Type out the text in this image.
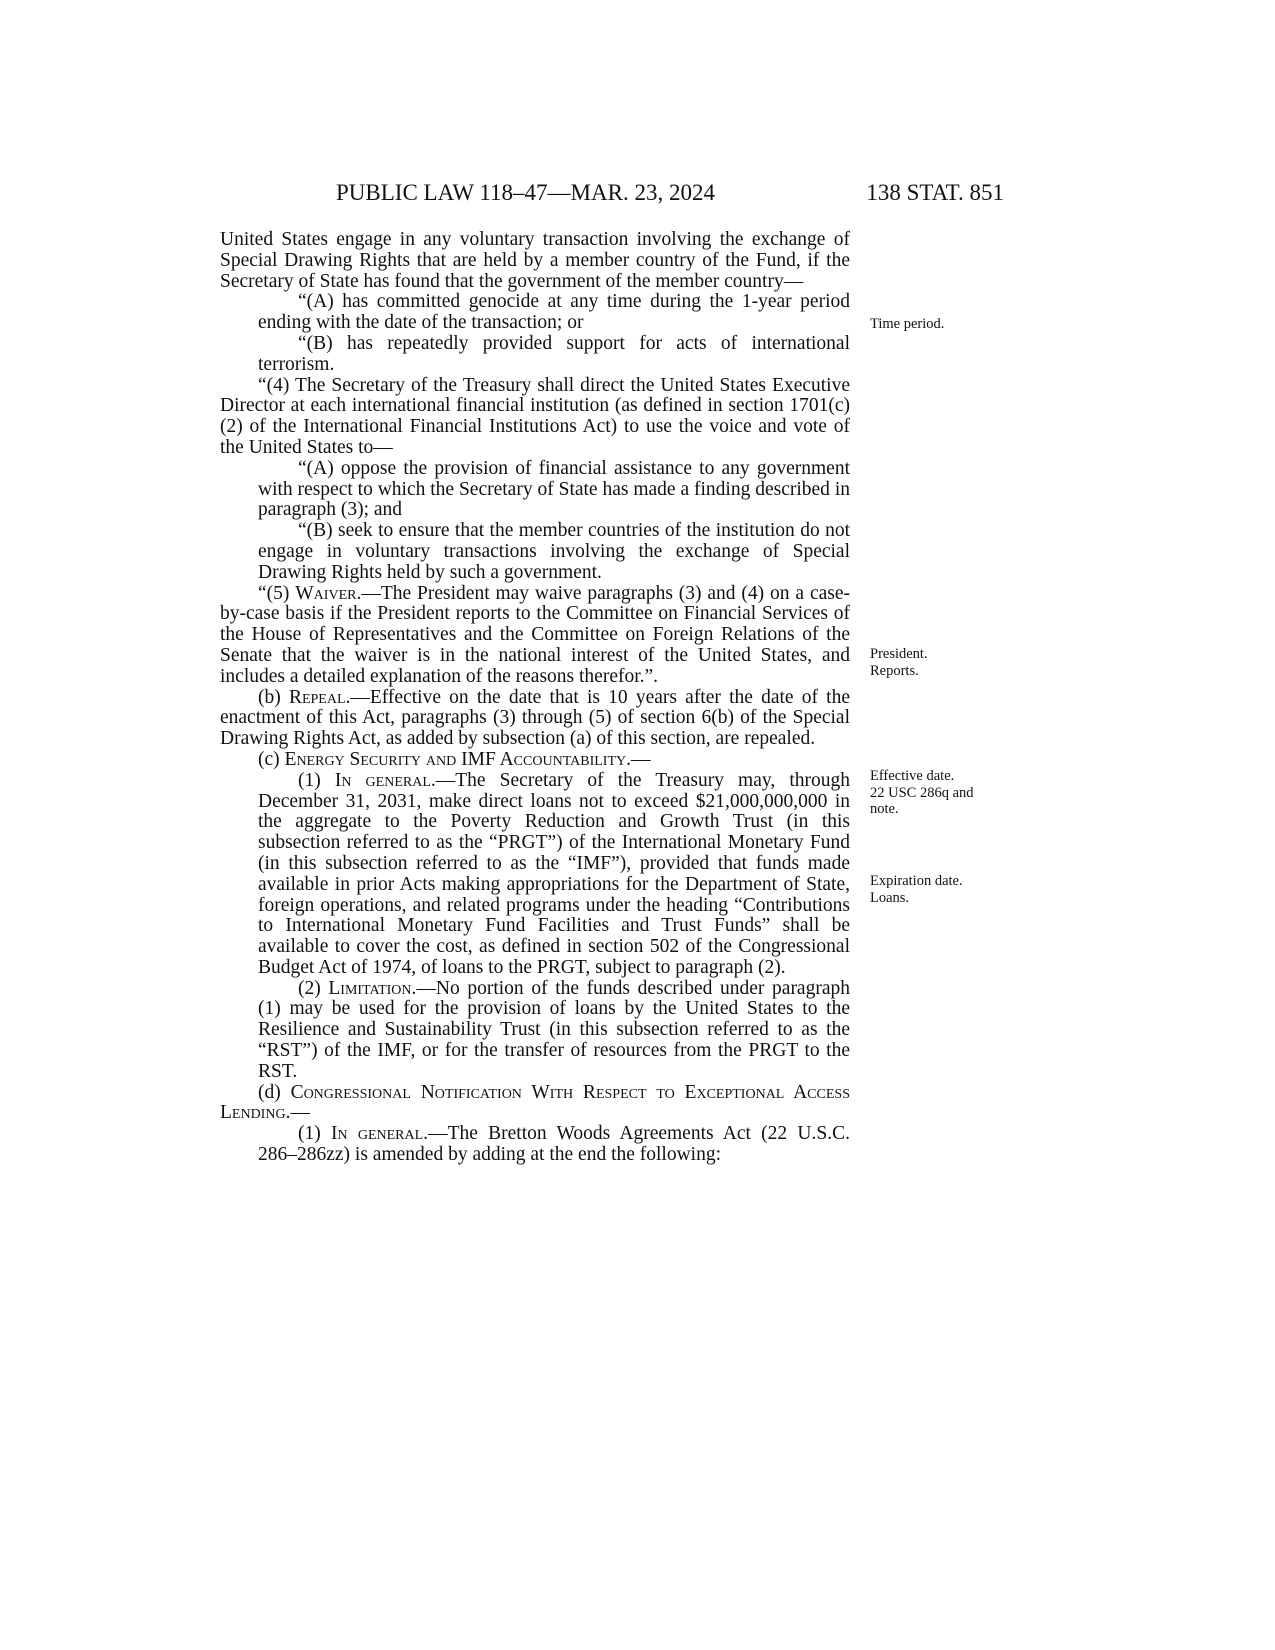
PUBLIC LAW 118–47—MAR. 23, 2024	138 STAT. 851

United States engage in any voluntary transaction involving the exchange of Special Drawing Rights that are held by a member country of the Fund, if the Secretary of State has found that the government of the member country—

“(A) has committed genocide at any time during the 1-year period ending with the date of the transaction; or

“(B) has repeatedly provided support for acts of international terrorism.

“(4) The Secretary of the Treasury shall direct the United States Executive Director at each international financial institution (as defined in section 1701(c)(2) of the International Financial Institutions Act) to use the voice and vote of the United States to—

“(A) oppose the provision of financial assistance to any government with respect to which the Secretary of State has made a finding described in paragraph (3); and

“(B) seek to ensure that the member countries of the institution do not engage in voluntary transactions involving the exchange of Special Drawing Rights held by such a government.

“(5) Waiver.—The President may waive paragraphs (3) and (4) on a case-by-case basis if the President reports to the Committee on Financial Services of the House of Representatives and the Committee on Foreign Relations of the Senate that the waiver is in the national interest of the United States, and includes a detailed explanation of the reasons therefor.”.

(b) Repeal.—Effective on the date that is 10 years after the date of the enactment of this Act, paragraphs (3) through (5) of section 6(b) of the Special Drawing Rights Act, as added by subsection (a) of this section, are repealed.

(c) Energy Security and IMF Accountability.—

(1) In general.—The Secretary of the Treasury may, through December 31, 2031, make direct loans not to exceed $21,000,000,000 in the aggregate to the Poverty Reduction and Growth Trust (in this subsection referred to as the “PRGT”) of the International Monetary Fund (in this subsection referred to as the “IMF”), provided that funds made available in prior Acts making appropriations for the Department of State, foreign operations, and related programs under the heading “Contributions to International Monetary Fund Facilities and Trust Funds” shall be available to cover the cost, as defined in section 502 of the Congressional Budget Act of 1974, of loans to the PRGT, subject to paragraph (2).

(2) Limitation.—No portion of the funds described under paragraph (1) may be used for the provision of loans by the United States to the Resilience and Sustainability Trust (in this subsection referred to as the “RST”) of the IMF, or for the transfer of resources from the PRGT to the RST.

(d) Congressional Notification With Respect to Exceptional Access Lending.—

(1) In general.—The Bretton Woods Agreements Act (22 U.S.C. 286–286zz) is amended by adding at the end the following:

Time period.
President.
Reports.
Effective date.
22 USC 286q and
note.
Expiration date.
Loans.
